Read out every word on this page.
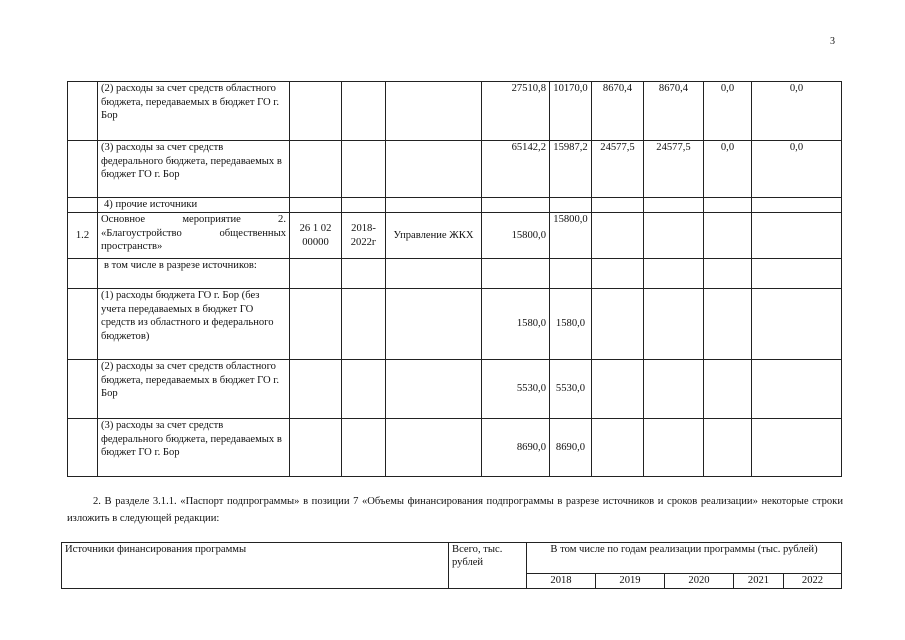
3
	(2) расходы за счет средств областного бюджета, передаваемых в бюджет ГО г. Бор				27510,8	10170,0	8670,4	8670,4	0,0	0,0
	(3) расходы за счет средств федерального бюджета, передаваемых в бюджет ГО г. Бор				65142,2	15987,2	24577,5	24577,5	0,0	0,0
	4) прочие источники									
1.2	Основное мероприятие 2. «Благоустройство общественных пространств»	26 1 02 00000	2018-2022г	Управление ЖКХ	15800,0	15800,0				
	в том числе в разрезе источников:									
	(1) расходы бюджета ГО г. Бор (без учета передаваемых в бюджет ГО средств из областного и федерального бюджетов)				1580,0	1580,0				
	(2) расходы за счет средств областного бюджета, передаваемых в бюджет ГО г. Бор				5530,0	5530,0				
	(3) расходы за счет средств федерального бюджета, передаваемых в бюджет ГО г. Бор				8690,0	8690,0				
2. В разделе 3.1.1. «Паспорт подпрограммы» в позиции 7 «Объемы финансирования подпрограммы в разрезе источников и сроков реализации» некоторые строки изложить в следующей редакции:
Источники финансирования программы	Всего, тыс. рублей	В том числе по годам реализации программы (тыс. рублей)				
		2018	2019	2020	2021	2022
